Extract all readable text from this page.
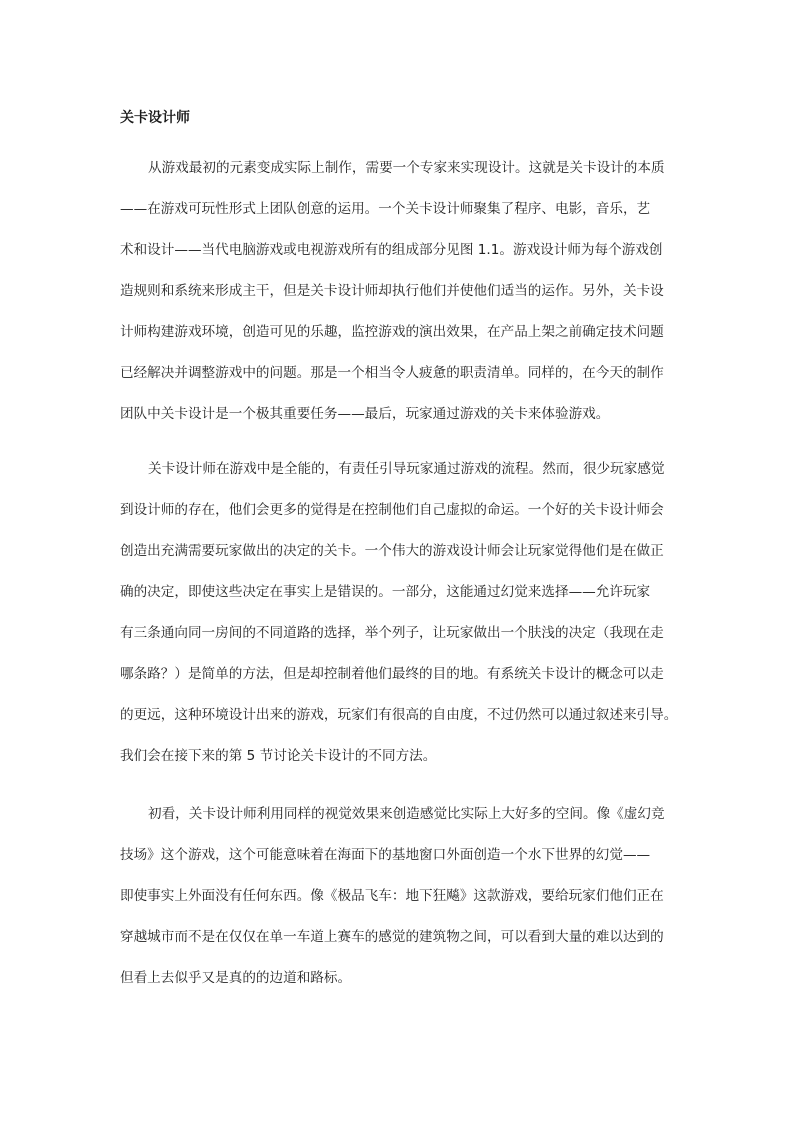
关卡设计师
从游戏最初的元素变成实际上制作，需要一个专家来实现设计。这就是关卡设计的本质
——在游戏可玩性形式上团队创意的运用。一个关卡设计师聚集了程序、电影，音乐，艺
术和设计——当代电脑游戏或电视游戏所有的组成部分见图 1.1。游戏设计师为每个游戏创
造规则和系统来形成主干，但是关卡设计师却执行他们并使他们适当的运作。另外，关卡设
计师构建游戏环境，创造可见的乐趣，监控游戏的演出效果，在产品上架之前确定技术问题
已经解决并调整游戏中的问题。那是一个相当令人疲惫的职责清单。同样的，在今天的制作
团队中关卡设计是一个极其重要任务——最后，玩家通过游戏的关卡来体验游戏。
关卡设计师在游戏中是全能的，有责任引导玩家通过游戏的流程。然而，很少玩家感觉
到设计师的存在，他们会更多的觉得是在控制他们自己虚拟的命运。一个好的关卡设计师会
创造出充满需要玩家做出的决定的关卡。一个伟大的游戏设计师会让玩家觉得他们是在做正
确的决定，即使这些决定在事实上是错误的。一部分，这能通过幻觉来选择——允许玩家
有三条通向同一房间的不同道路的选择，举个列子，让玩家做出一个肤浅的决定（我现在走
哪条路？）是简单的方法，但是却控制着他们最终的目的地。有系统关卡设计的概念可以走
的更远，这种环境设计出来的游戏，玩家们有很高的自由度，不过仍然可以通过叙述来引导。
我们会在接下来的第 5 节讨论关卡设计的不同方法。
初看，关卡设计师利用同样的视觉效果来创造感觉比实际上大好多的空间。像《虚幻竞
技场》这个游戏，这个可能意味着在海面下的基地窗口外面创造一个水下世界的幻觉——
即使事实上外面没有任何东西。像《极品飞车：地下狂飚》这款游戏，要给玩家们他们正在
穿越城市而不是在仅仅在单一车道上赛车的感觉的建筑物之间，可以看到大量的难以达到的
但看上去似乎又是真的的边道和路标。
